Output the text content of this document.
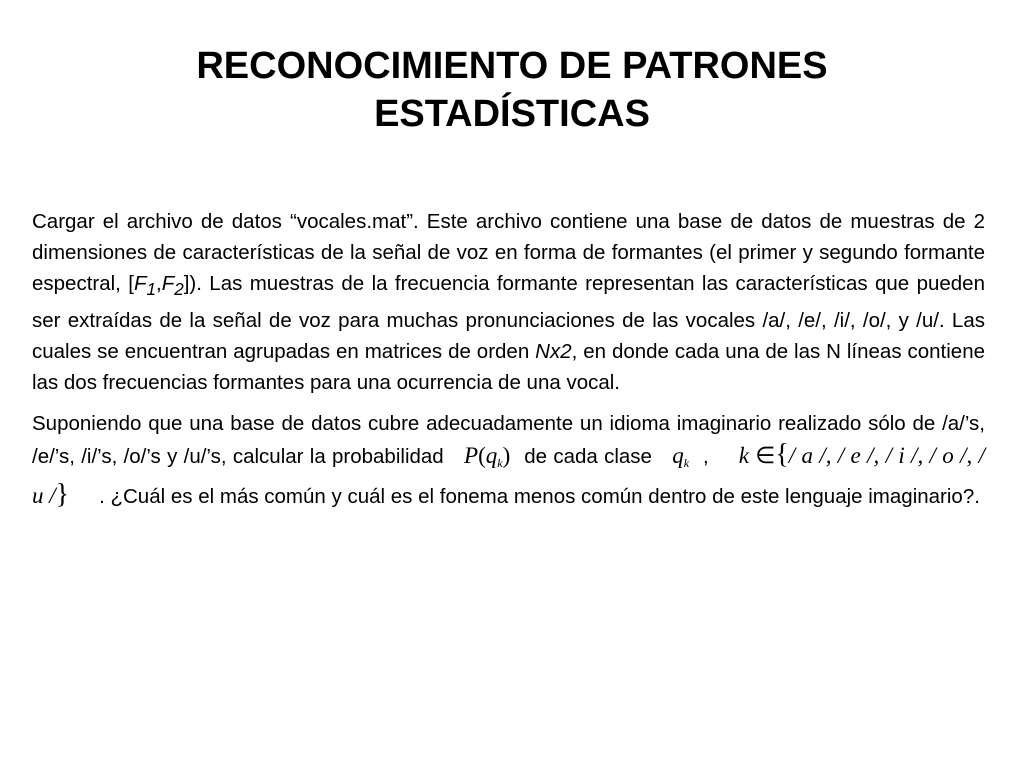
RECONOCIMIENTO DE PATRONES
ESTADÍSTICAS

Cargar el archivo de datos “vocales.mat”. Este archivo contiene una base de datos de muestras de 2 dimensiones de características de la señal de voz en forma de formantes (el primer y segundo formante espectral, $[F_1,F_2]$). Las muestras de la frecuencia formante representan las características que pueden ser extraídas de la señal de voz para muchas pronunciaciones de las vocales /a/, /e/, /i/, /o/, y /u/. Las cuales se encuentran agrupadas en matrices de orden Nx2, en donde cada una de las N líneas contiene las dos frecuencias formantes para una ocurrencia de una vocal.

Suponiendo que una base de datos cubre adecuadamente un idioma imaginario realizado sólo de /a/’s, /e/’s, /i/’s, /o/’s y /u/’s, calcular la probabilidad $P(q_k)$ de cada clase $q_k$ , k ∈{/ a /, / e /, / i /, / o /, / u /} . ¿Cuál es el más común y cuál es el fonema menos común dentro de este lenguaje imaginario?.
